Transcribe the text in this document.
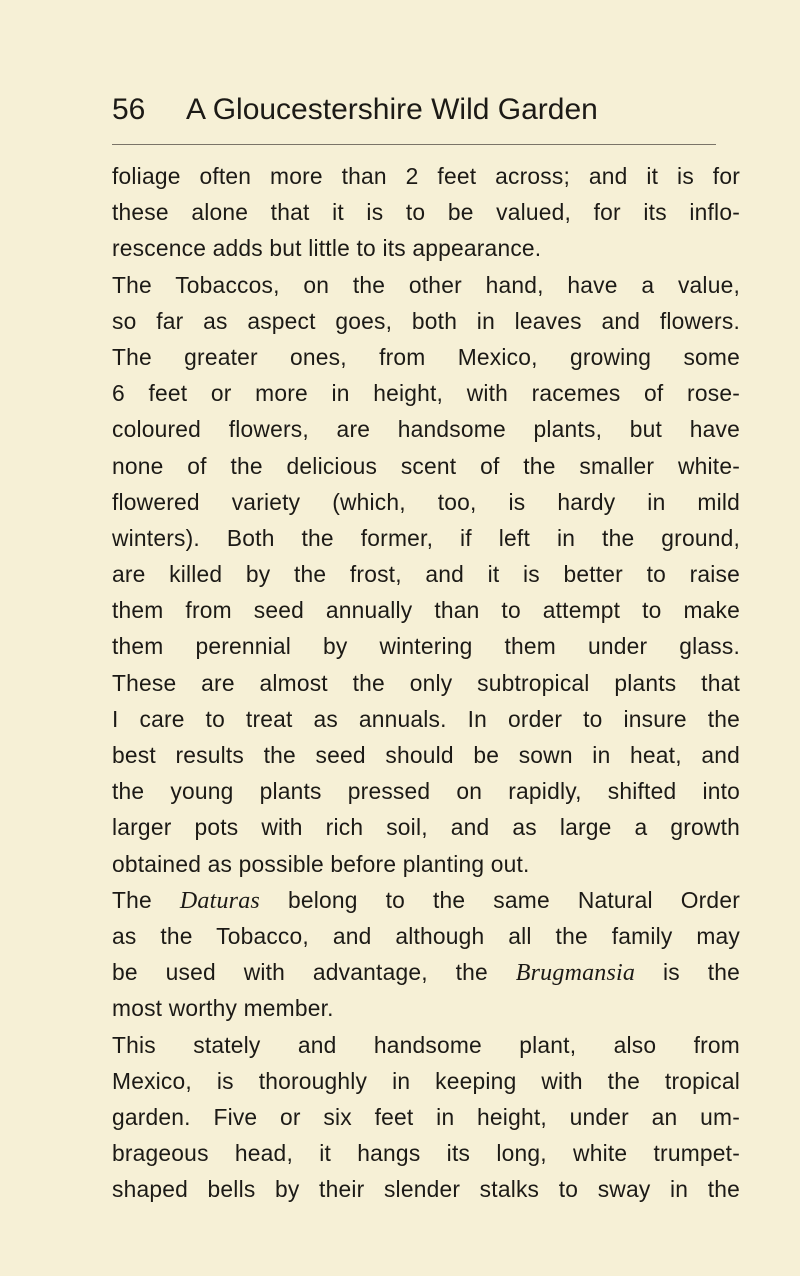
56 A Gloucestershire Wild Garden
foliage often more than 2 feet across; and it is for
these alone that it is to be valued, for its inflo-
rescence adds but little to its appearance.
The Tobaccos, on the other hand, have a value,
so far as aspect goes, both in leaves and flowers.
The greater ones, from Mexico, growing some
6 feet or more in height, with racemes of rose-
coloured flowers, are handsome plants, but have
none of the delicious scent of the smaller white-
flowered variety (which, too, is hardy in mild
winters). Both the former, if left in the ground,
are killed by the frost, and it is better to raise
them from seed annually than to attempt to make
them perennial by wintering them under glass.
These are almost the only subtropical plants that
I care to treat as annuals. In order to insure the
best results the seed should be sown in heat, and
the young plants pressed on rapidly, shifted into
larger pots with rich soil, and as large a growth
obtained as possible before planting out.
The Daturas belong to the same Natural Order
as the Tobacco, and although all the family may
be used with advantage, the Brugmansia is the
most worthy member.
This stately and handsome plant, also from
Mexico, is thoroughly in keeping with the tropical
garden. Five or six feet in height, under an um-
brageous head, it hangs its long, white trumpet-
shaped bells by their slender stalks to sway in the
